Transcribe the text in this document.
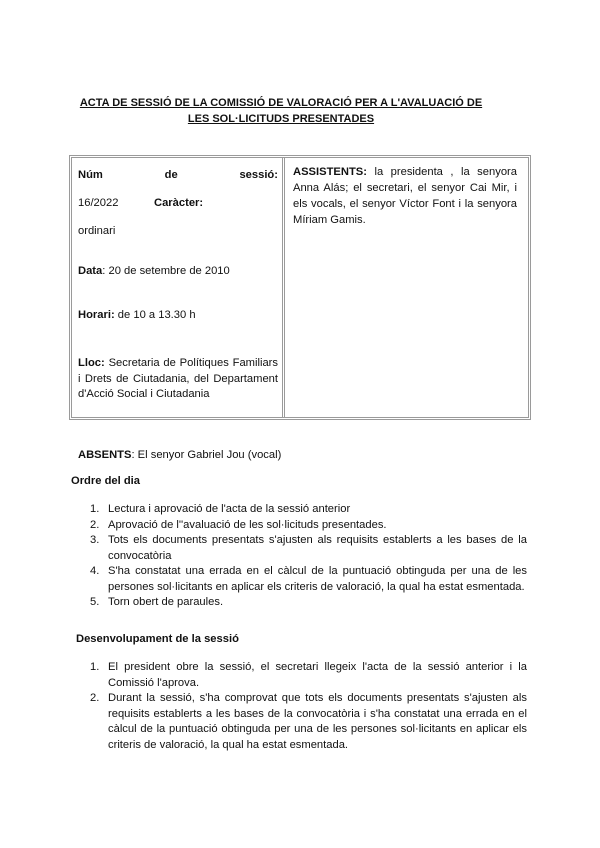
ACTA DE SESSIÓ DE LA COMISSIÓ DE VALORACIÓ PER A L'AVALUACIÓ DE
LES SOL·LICITUDS PRESENTADES
Núm	de	sessió:
16/2022	Caràcter:
ordinari
Data: 20 de setembre de 2010
Horari: de 10 a 13.30 h
Lloc: Secretaria de Polítiques Familiars i Drets de Ciutadania, del Departament d'Acció Social i Ciutadania
ASSISTENTS: la presidenta , la senyora Anna Alás; el secretari, el senyor Cai Mir, i els vocals, el senyor Víctor Font i la senyora Míriam Gamis.
ABSENTS: El senyor Gabriel Jou (vocal)
Ordre del dia
1. Lectura i aprovació de l'acta de la sessió anterior
2. Aprovació de l''avaluació de les sol·licituds presentades.
3. Tots els documents presentats s'ajusten als requisits establerts a les bases de la convocatòria
4. S'ha constatat una errada en el càlcul de la puntuació obtinguda per una de les persones sol·licitants en aplicar els criteris de valoració, la qual ha estat esmentada.
5. Torn obert de paraules.
Desenvolupament de la sessió
1. El president obre la sessió, el secretari llegeix l'acta de la sessió anterior i la Comissió l'aprova.
2. Durant la sessió, s'ha comprovat que tots els documents presentats s'ajusten als requisits establerts a les bases de la convocatòria i s'ha constatat una errada en el càlcul de la puntuació obtinguda per una de les persones sol·licitants en aplicar els criteris de valoració, la qual ha estat esmentada.
